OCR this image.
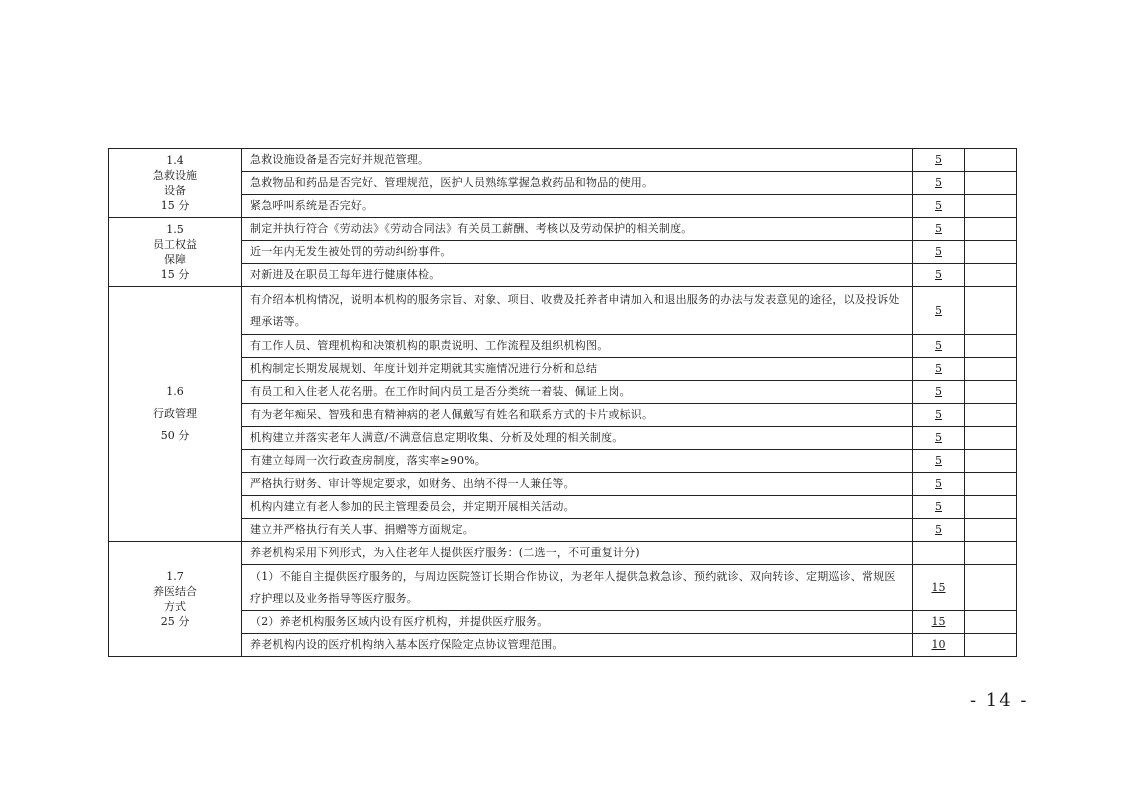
1.4
急救设施
设备
15 分	急救设施设备是否完好并规范管理。	5	
	急救物品和药品是否完好、管理规范，医护人员熟练掌握急救药品和物品的使用。	5	
	紧急呼叫系统是否完好。	5	

1.5
员工权益
保障
15 分	制定并执行符合《劳动法》《劳动合同法》有关员工薪酬、考核以及劳动保护的相关制度。	5	
	近一年内无发生被处罚的劳动纠纷事件。	5	
	对新进及在职员工每年进行健康体检。	5	

1.6
行政管理
50 分	有介绍本机构情况，说明本机构的服务宗旨、对象、项目、收费及托养者申请加入和退出服务的办法与发表意见的途径，以及投诉处理承诺等。	5	
	有工作人员、管理机构和决策机构的职责说明、工作流程及组织机构图。	5	
	机构制定长期发展规划、年度计划并定期就其实施情况进行分析和总结	5	
	有员工和入住老人花名册。在工作时间内员工是否分类统一着装、佩证上岗。	5	
	有为老年痴呆、智残和患有精神病的老人佩戴写有姓名和联系方式的卡片或标识。	5	
	机构建立并落实老年人满意/不满意信息定期收集、分析及处理的相关制度。	5	
	有建立每周一次行政查房制度，落实率≥90%。	5	
	严格执行财务、审计等规定要求，如财务、出纳不得一人兼任等。	5	
	机构内建立有老人参加的民主管理委员会，并定期开展相关活动。	5	
	建立并严格执行有关人事、捐赠等方面规定。	5	

1.7
养医结合
方式
25 分	养老机构采用下列形式，为入住老年人提供医疗服务：(二选一，不可重复计分)		
	（1）不能自主提供医疗服务的，与周边医院签订长期合作协议，为老年人提供急救急诊、预约就诊、双向转诊、定期巡诊、常规医疗护理以及业务指导等医疗服务。	15	
	（2）养老机构服务区域内设有医疗机构，并提供医疗服务。	15	
	养老机构内设的医疗机构纳入基本医疗保险定点协议管理范围。	10	
- 14 -
